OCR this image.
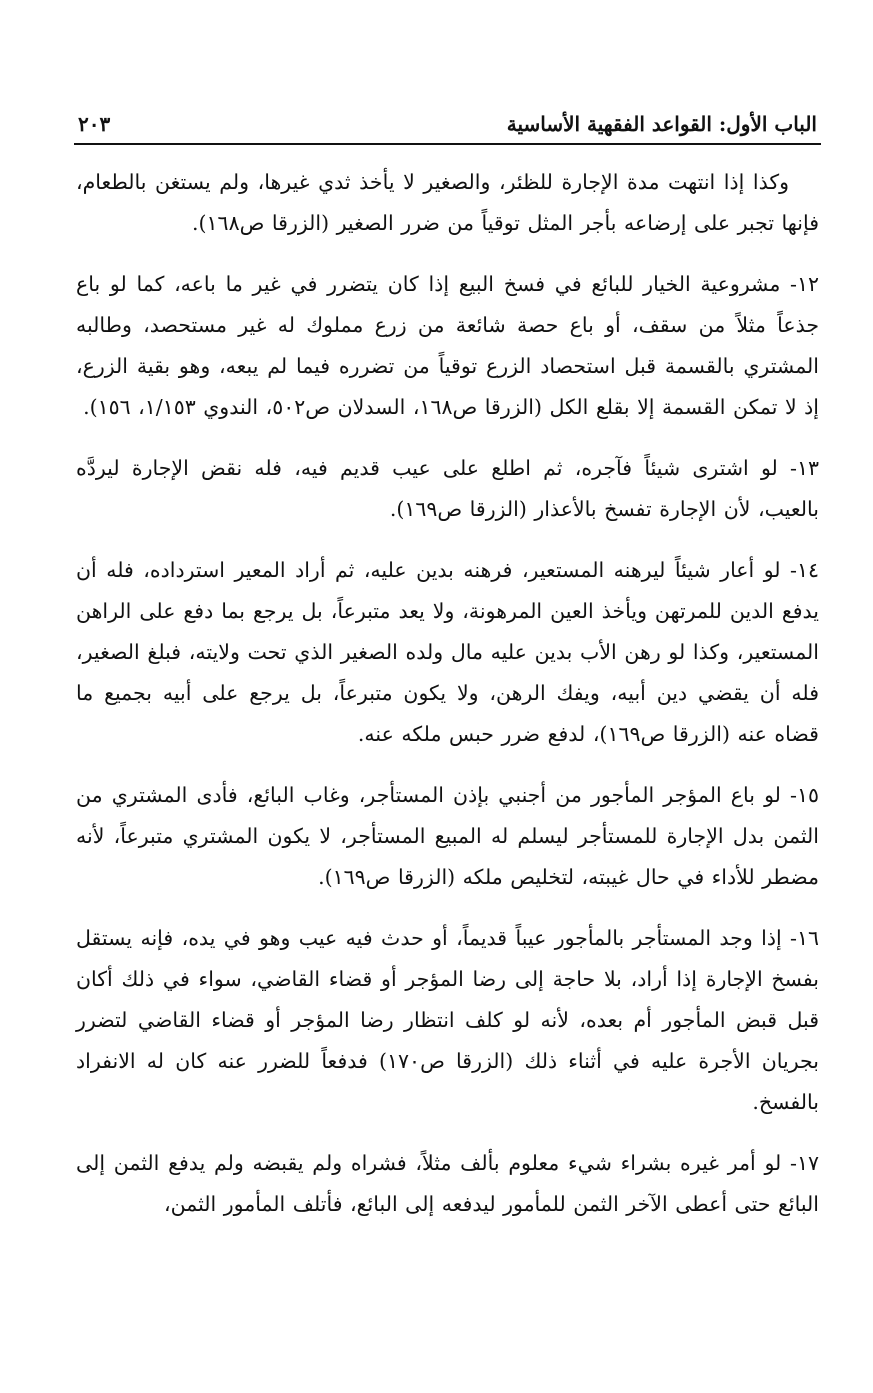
الباب الأول: القواعد الفقهية الأساسية
٢٠٣

وكذا إذا انتهت مدة الإجارة للظئر، والصغير لا يأخذ ثدي غيرها، ولم يستغن بالطعام، فإنها تجبر على إرضاعه بأجر المثل توقياً من ضرر الصغير (الزرقا ص١٦٨).

١٢- مشروعية الخيار للبائع في فسخ البيع إذا كان يتضرر في غير ما باعه، كما لو باع جذعاً مثلاً من سقف، أو باع حصة شائعة من زرع مملوك له غير مستحصد، وطالبه المشتري بالقسمة قبل استحصاد الزرع توقياً من تضرره فيما لم يبعه، وهو بقية الزرع، إذ لا تمكن القسمة إلا بقلع الكل (الزرقا ص١٦٨، السدلان ص٥٠٢، الندوي ١/١٥٣، ١٥٦).

١٣- لو اشترى شيئاً فآجره، ثم اطلع على عيب قديم فيه، فله نقض الإجارة ليردَّه بالعيب، لأن الإجارة تفسخ بالأعذار (الزرقا ص١٦٩).

١٤- لو أعار شيئاً ليرهنه المستعير، فرهنه بدين عليه، ثم أراد المعير استرداده، فله أن يدفع الدين للمرتهن ويأخذ العين المرهونة، ولا يعد متبرعاً، بل يرجع بما دفع على الراهن المستعير، وكذا لو رهن الأب بدين عليه مال ولده الصغير الذي تحت ولايته، فبلغ الصغير، فله أن يقضي دين أبيه، ويفك الرهن، ولا يكون متبرعاً، بل يرجع على أبيه بجميع ما قضاه عنه (الزرقا ص١٦٩)، لدفع ضرر حبس ملكه عنه.

١٥- لو باع المؤجر المأجور من أجنبي بإذن المستأجر، وغاب البائع، فأدى المشتري من الثمن بدل الإجارة للمستأجر ليسلم له المبيع المستأجر، لا يكون المشتري متبرعاً، لأنه مضطر للأداء في حال غيبته، لتخليص ملكه (الزرقا ص١٦٩).

١٦- إذا وجد المستأجر بالمأجور عيباً قديماً، أو حدث فيه عيب وهو في يده، فإنه يستقل بفسخ الإجارة إذا أراد، بلا حاجة إلى رضا المؤجر أو قضاء القاضي، سواء في ذلك أكان قبل قبض المأجور أم بعده، لأنه لو كلف انتظار رضا المؤجر أو قضاء القاضي لتضرر بجريان الأجرة عليه في أثناء ذلك (الزرقا ص١٧٠) فدفعاً للضرر عنه كان له الانفراد بالفسخ.

١٧- لو أمر غيره بشراء شيء معلوم بألف مثلاً، فشراه ولم يقبضه ولم يدفع الثمن إلى البائع حتى أعطى الآخر الثمن للمأمور ليدفعه إلى البائع، فأتلف المأمور الثمن،
